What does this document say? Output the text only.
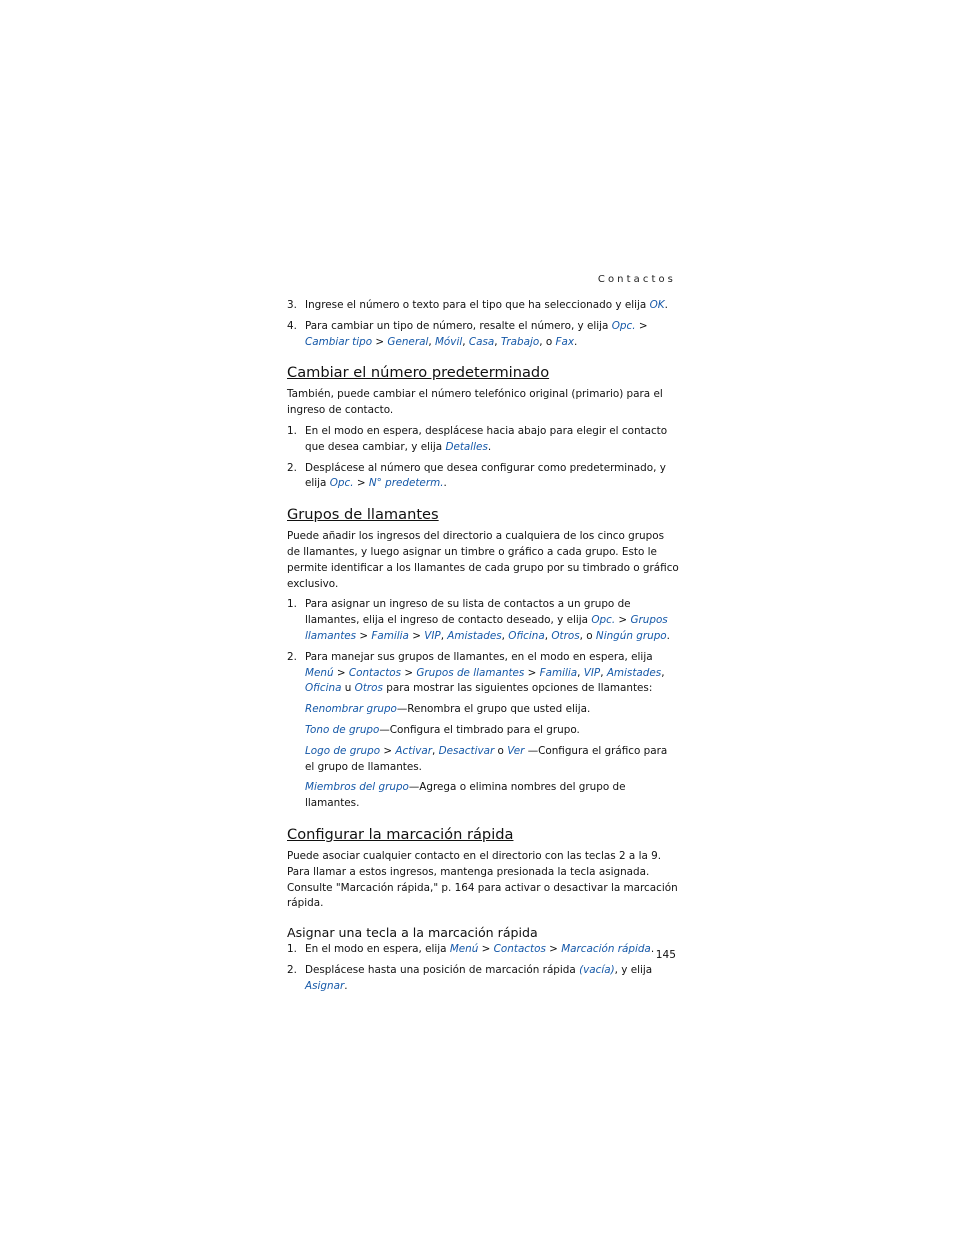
Contactos
3. Ingrese el número o texto para el tipo que ha seleccionado y elija OK.
4. Para cambiar un tipo de número, resalte el número, y elija Opc. > Cambiar tipo > General, Móvil, Casa, Trabajo, o Fax.
Cambiar el número predeterminado
También, puede cambiar el número telefónico original (primario) para el ingreso de contacto.
1. En el modo en espera, desplácese hacia abajo para elegir el contacto que desea cambiar, y elija Detalles.
2. Desplácese al número que desea configurar como predeterminado, y elija Opc. > N° predeterm..
Grupos de llamantes
Puede añadir los ingresos del directorio a cualquiera de los cinco grupos de llamantes, y luego asignar un timbre o gráfico a cada grupo. Esto le permite identificar a los llamantes de cada grupo por su timbrado o gráfico exclusivo.
1. Para asignar un ingreso de su lista de contactos a un grupo de llamantes, elija el ingreso de contacto deseado, y elija Opc. > Grupos llamantes > Familia > VIP, Amistades, Oficina, Otros, o Ningún grupo.
2. Para manejar sus grupos de llamantes, en el modo en espera, elija Menú > Contactos > Grupos de llamantes > Familia, VIP, Amistades, Oficina u Otros para mostrar las siguientes opciones de llamantes:
Renombrar grupo—Renombra el grupo que usted elija.
Tono de grupo—Configura el timbrado para el grupo.
Logo de grupo > Activar, Desactivar o Ver —Configura el gráfico para el grupo de llamantes.
Miembros del grupo—Agrega o elimina nombres del grupo de llamantes.
Configurar la marcación rápida
Puede asociar cualquier contacto en el directorio con las teclas 2 a la 9. Para llamar a estos ingresos, mantenga presionada la tecla asignada. Consulte "Marcación rápida," p. 164 para activar o desactivar la marcación rápida.
Asignar una tecla a la marcación rápida
1. En el modo en espera, elija Menú > Contactos > Marcación rápida.
2. Desplácese hasta una posición de marcación rápida (vacía), y elija Asignar.
145
